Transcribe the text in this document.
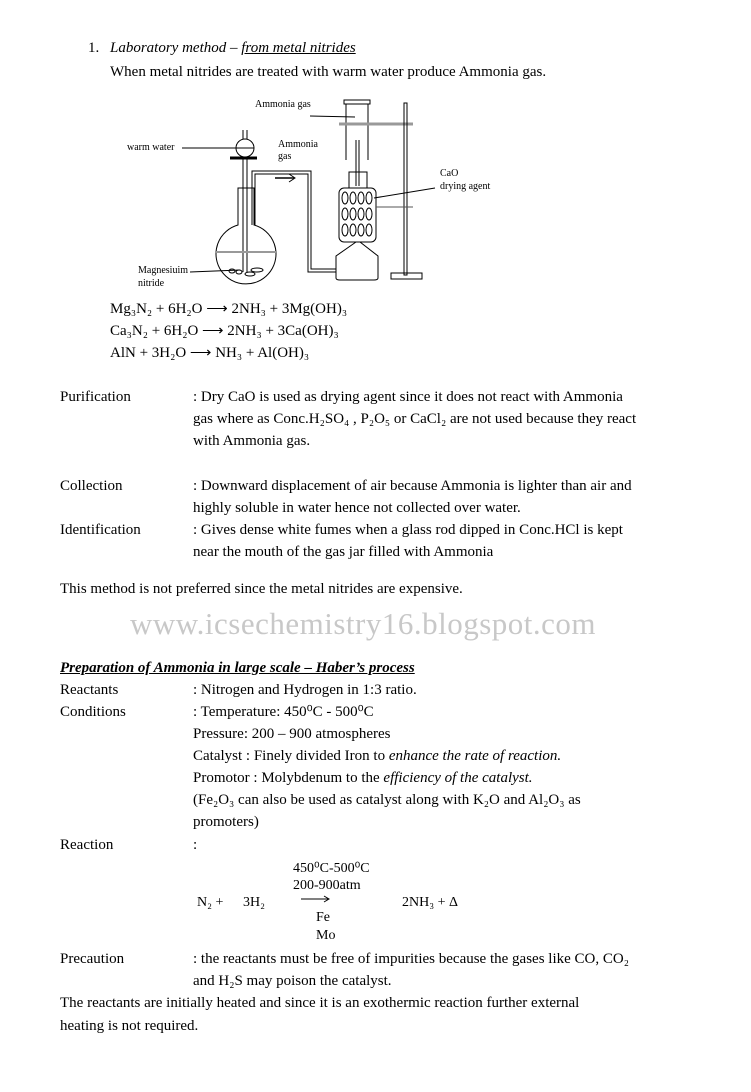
1. Laboratory method – from metal nitrides
When metal nitrides are treated with warm water produce Ammonia gas.
Ammonia gas
warm water	Ammonia
gas
CaO
drying agent
Magnesiuim
nitride
Mg₃N₂ + 6H₂O ⟶ 2NH₃ + 3Mg(OH)₃
Ca₃N₂ + 6H₂O ⟶ 2NH₃ + 3Ca(OH)₃
AlN + 3H₂O ⟶ NH₃ + Al(OH)₃
Purification	: Dry CaO is used as drying agent since it does not react with Ammonia
gas where as Conc.H₂SO₄ , P₂O₅ or CaCl₂ are not used because they react
with Ammonia gas.
Collection	: Downward displacement of air because Ammonia is lighter than air and
highly soluble in water hence not collected over water.
Identification	: Gives dense white fumes when a glass rod dipped in Conc.HCl is kept
near the mouth of the gas jar filled with Ammonia
This method is not preferred since the metal nitrides are expensive.
www.icsechemistry16.blogspot.com
Preparation of Ammonia in large scale – Haber’s process
Reactants	: Nitrogen and Hydrogen in 1:3 ratio.
Conditions	: Temperature: 450⁰C - 500⁰C
Pressure: 200 – 900 atmospheres
Catalyst : Finely divided Iron to enhance the rate of reaction.
Promotor : Molybdenum to the efficiency of the catalyst.
(Fe₂O₃ can also be used as catalyst along with K₂O and Al₂O₃ as
promoters)
Reaction	:
450⁰C-500⁰C
200-900atm
N₂ + 3H₂	2NH₃ + Δ
Fe
Mo
Precaution	: the reactants must be free of impurities because the gases like CO, CO₂
and H₂S may poison the catalyst.
The reactants are initially heated and since it is an exothermic reaction further external
heating is not required.
